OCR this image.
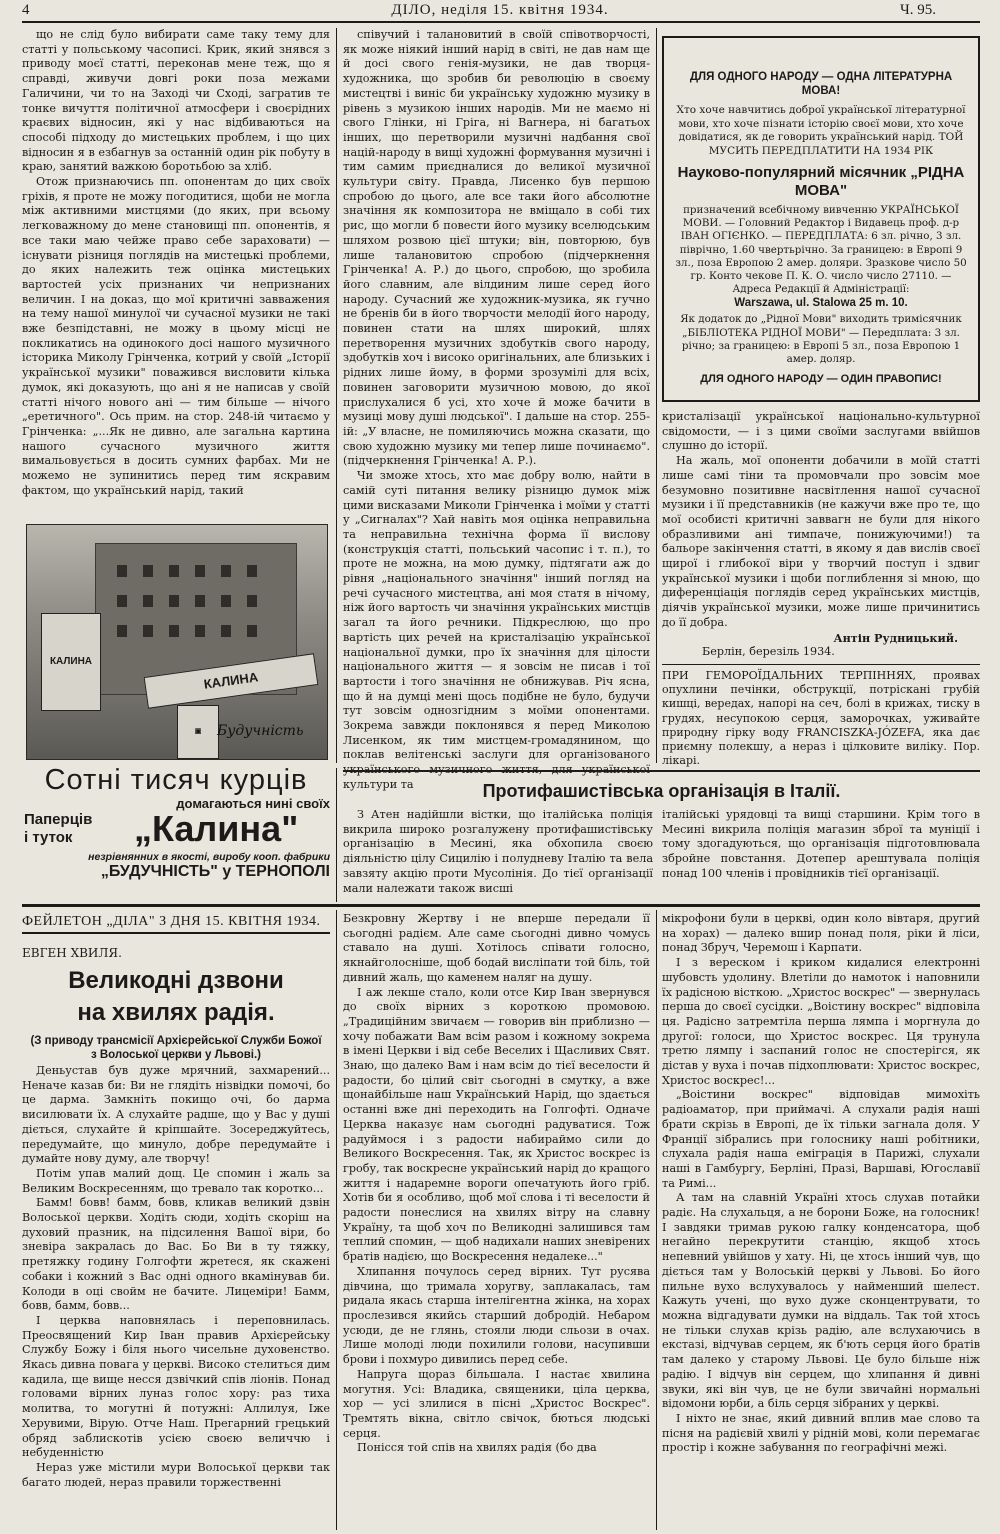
4	ДІЛО, неділя 15. квітня 1934.	Ч. 95.

що не слід було вибирати саме таку тему для статті у польському часописі. Крик, який знявся з приводу моєї статті, переконав мене теж, що я справді, живучи довгі роки поза межами Галичини, чи то на Заході чи Сході, загратив те тонке вичуття політичної атмосфери і своєрідних краєвих відносин, які у нас відбиваються на способі підходу до мистецьких проблем, і що цих відносин я в езбагнув за останній один рік побуту в краю, занятий важкою боротьбою за хліб.

Отож признаючись пп. опонентам до цих своїх гріхів, я проте не можу погодитися, щоби не могла між активними мистцями (до яких, при всьому легковажному до мене становищі пп. опонентів, я все таки маю чейже право себе зараховати) — існувати різниця поглядів на мистецькі проблеми, до яких належить теж оцінка мистецьких вартостей усіх признаних чи непризнаних величин. І на доказ, що мої критичні завважения на тему нашої минулої чи сучасної музики не такі вже безпідставні, не можу в цьому місці не покликатись на одинокого досі нашого музичного історика Миколу Грінченка, котрий у своїй „Історії української музики" поважився висловити кілька думок, які доказують, що ані я не написав у своїй статті нічого нового ані — тим більше — нічого „еретичного". Ось прим. на стор. 248-ій читаємо у Грінченка: „...Як не дивно, але загальна картина нашого сучасного музичного життя вимальовується в досить сумних фарбах. Ми не можемо не зупинитись перед тим яскравим фактом, що український нарід, такий

співучий і талановитий в своїй співотворчості, як може ніякий інший нарід в світі, не дав нам ще й досі свого генія-музики, не дав творця-художника, що зробив би революцію в своєму мистецтві і виніс би українську художню музику в рівень з музикою інших народів. Ми не маємо ні свого Глінки, ні Гріга, ні Вагнера, ні багатьох інших, що перетворили музичні надбання свої націй-народу в вищі художні формування музичні і тим самим приєдналися до великої музичної культури світу. Правда, Лисенко був першою спробою до цього, але все таки його абсолютне значіння як композитора не вміщало в собі тих рис, що могли б повести його музику вселюдським шляхом розвою цієї штуки; він, повторюю, був лише талановитою спробою (підчеркнення Грінченка! А. Р.) до цього, спробою, що зробила його славним, але вілдиним лише серед його народу. Сучасний же художник-музика, як гучно не бренів би в його творчости мелодії його народу, повинен стати на шлях широкий, шлях перетворення музичних здобутків свого народу, здобутків хоч і високо оригінальних, але близьких і рідних лише йому, в форми зрозумілі для всіх, повинен заговорити музичною мовою, до якої прислухалися б усі, хто хоче й може бачити в музиці мову душі людської". І дальше на стор. 255-ій: „У власне, не помиляючись можна сказати, що свою художню музику ми тепер лише починаємо". (підчеркнення Грінченка! А. Р.).

Чи зможе хтось, хто має добру волю, найти в самій суті питання велику різницю думок між цими висказами Миколи Грінченка і моїми у статті у „Сигналах"? Хай навіть моя оцінка неправильна та неправильна технічна форма її вислову (конструкція статті, польський часопис і т. п.), то проте не можна, на мою думку, підтягати аж до рівня „національного значіння" інший погляд на речі сучасного мистецтва, ані моя статя в нічому, ніж його вартость чи значіння українських мистців загал та його речники. Підкреслюю, що про вартість цих речей на кристалізацію української національної думки, про їх значіння для цілости національного життя — я зовсім не писав і тої вартости і того значіння не обнижував. Річ ясна, що й на думці мені щось подібне не було, будучи тут зовсім однозгідним з моїми опонентами. Зокрема завжди поклонявся я перед Миколою Лисенком, як тим мистцем-громадянином, що поклав велітенські заслуги для організованого культури та

ДЛЯ ОДНОГО НАРОДУ — ОДНА ЛІТЕРАТУРНА МОВА!
Хто хоче навчитись доброї української літературної мови, хто хоче пізнати історію своєї мови, хто хоче довідатися, як де говорить український нарід. ТОЙ МУСИТЬ ПЕРЕДПЛАТИТИ НА 1934 РІК
Науково-популярний місячник „РІДНА МОВА"
призначений всебічному вивченню УКРАЇНСЬКОЇ МОВИ. — Головний Редактор і Видавець проф. д-р ІВАН ОГІЄНКО. — ПЕРЕДПЛАТА: 6 зл. річно, 3 зл. піврічно, 1.60 чвертьрічно. За границею: в Европі 9 зл., поза Европою 2 амер. доляри. Зразкове число 50 гр. Конто чекове П. К. О. число число 27110. — Адреса Редакції й Адміністрації:
Warszawa, ul. Stalowa 25 m. 10.
Як додаток до „Рідної Мови" виходить тримісячник „БІБЛІОТЕКА РІДНОЇ МОВИ" — Передплата: 3 зл. річно; за границею: в Европі 5 зл., поза Европою 1 амер. доляр.
ДЛЯ ОДНОГО НАРОДУ — ОДИН ПРАВОПИС!

кристалізації української національно-культурної свідомости, — і з цими своїми заслугами ввійшов слушно до історії.

На жаль, мої опоненти добачили в моїй статті лише самі тіни та промовчали про зовсім мое безумовно позитивне насвітлення нашої сучасної музики і її представників (не кажучи вже про те, що мої особисті критичні заввагн не були для нікого образливими ані тимпаче, понижуючими!) та бальоре закінчення статті, в якому я дав вислів своєї щирої і глибокої віри у творчий поступ і здвиг української музики і щоби поглиблення зі мною, що диференціація поглядів серед українських мистців, діячів української музики, може лише причинитись до її добра.

Антін Рудницький.
Берлін, березіль 1934.

ПРИ ГЕМОРОЇДАЛЬНИХ ТЕРПІННЯХ, проявах опухлини печінки, обструкції, потріскані грубій кишці, вередах, напорі на сеч, болі в крижах, тиску в грудях, несупокою серця, заморочках, уживайте природну гірку воду FRANCISZKA-JÓZEFA, яка дає приємну полекшу, а нераз і цілковите виліку. Пор. лікарі.

КАЛИНА
КАЛИНА
▣	Будучність
Сотні тисяч курців
домагаються нині своїх
Паперців
і туток „Калина"
незрівнянних в якості, виробу кооп. фабрики
„БУДУЧНІСТЬ" у ТЕРНОПОЛІ
Протифашистівська організація в Італії.

З Атен надійшли вістки, що італійська поліція викрила широко розгалужену протифашистівську організацію в Месині, яка обхопила своєю діяльністю цілу Сицилію і полудневу Італію та вела завзяту акцію проти Мусолінія. До тієї організації мали належати також висші

італійські урядовці та вищі старшини. Крім того в Месині викрила поліція магазин зброї та муніції і тому здогадуються, що організація підготовлювала збройне повстання. Дотепер арештувала поліція понад 100 членів і провідників тієї організації.

ФЕЙЛЕТОН „ДІЛА" З ДНЯ 15. КВІТНЯ 1934.
ЕВГЕН ХВИЛЯ.
Великодні дзвони
на хвилях радія.
(З приводу трансмісії Архієрейської Служби Божої з Волоської церкви у Львові.)

Деньустав був дуже мрячний, захмарений... Неначе казав би: Ви не глядіть нізвідки помочі, бо це дарма. Замкніть покищо очі, бо дарма висилювати їх. А слухайте радше, що у Вас у душі діється, слухайте й кріпшайте. Зосереджуйтесь, передумайте, що минуло, добре передумайте і думайте нову думу, але творчу!

Потім упав малий дощ. Це спомин і жаль за Великим Воскресенням, що тревало так коротко...

Бамм! бовв! бамм, бовв, кликав великий дзвін Волоської церкви. Ходіть сюди, ходіть скоріш на духовий празник, на підсилення Вашої віри, бо зневіра закралась до Вас. Бо Ви в ту тяжку, претяжку годину Голгофти жретеся, як скажені собаки і кожний з Вас одні одного вкамінував би. Колоди в оці свойм не бачите. Лицеміри! Бамм, бовв, бамм, бовв...

І церква наповнялась і переповнилась. Преосвящений Кир Іван правив Архієрейську Службу Божу і біля нього чисельне духовенство. Якась дивна повага у церкві. Високо стелиться дим кадила, ще вище несся дзвічкий спів ліонів. Понад головами вірних луназ голос хору: раз тиха молитва, то могутні й потужні: Аллилуя, Іже Херувими, Вірую. Отче Наш. Прегарний грецький обряд заблискотів усією своєю величчю і небуденністю

Нераз уже містили мури Волоської церкви так багато людей, нераз правили торжественні

Безкровну Жертву і не вперше передали її сьогодні радієм. Але саме сьогодні дивно чомусь ставало на душі. Хотілось співати голосно, якнайголосніше, щоб бодай висліпати той біль, той дивний жаль, що каменем наляг на душу.

І аж лекше стало, коли отсе Кир Іван звернувся до своїх вірних з короткою промовою. „Традиційним звичаєм — говорив він приблизно — хочу побажати Вам всім разом і кожному зокрема в імені Церкви і від себе Веселих і Щасливих Свят. Знаю, що далеко Вам і нам всім до тієї веселости й радости, бо цілий світ сьогодні в смутку, а вже щонайбільше наш Український Нарід, що здається останні вже дні переходить на Голгофті. Одначе Церква наказує нам сьогодні радуватися. Тож радуймося і з радости набираймо сили до Великого Воскресення. Так, як Христос воскрес із гробу, так воскресне український нарід до кращого життя і надаремне вороги опечатують його гріб. Хотів би я особливо, щоб мої слова і ті веселости й радости понеслися на хвилях вітру на славну Україну, та щоб хоч по Великодні залишився там теплий спомин, — щоб надихали наших зневірених братів надією, що Воскресення недалеке..."

Хлипання почулось серед вірних. Тут русява дівчина, що тримала хоругву, заплакалась, там ридала якась старша інтелігентна жінка, на хорах прослезився якийсь старший добродій. Небаром усюди, де не глянь, стояли люди сльози в очах. Лише молоді люди похилили голови, насупивши брови і похмуро дивились перед себе.

Напруга щораз більшала. І настає хвилина могутня. Усі: Владика, священики, ціла церква, хор — усі злилися в пісні „Христос Воскрес". Тремтять вікна, світло свічок, бються людські серця.

Понісся той спів на хвилях радія (бо два

мікрофони були в церкві, один коло вівтаря, другий на хорах) — далеко вшир понад поля, ріки й ліси, понад Збруч, Черемош і Карпати.

І з вереском і криком кидалися електронні шубовсть удолину. Влетіли до намоток і наповнили їх радісною вісткою. „Христос воскрес" — звернулась перша до своєї сусідки. „Воістину воскрес" відповіла ця. Радісно затремтіла перша лямпа і моргнула до другої: голоси, що Христос воскрес. Ця трунула третю лямпу і заспаний голос не спостерігся, як дістав у вуха і почав підхоплювати: Христос воскрес, Христос воскрес!...

„Воістини воскрес" відповідав мимохіть радіоаматор, при приймачі. А слухали радія наші брати скрізь в Европі, де їх тільки загнала доля. У Франції зібрались при голоснику наші робітники, слухала радія наша еміграція в Парижі, слухали наші в Гамбургу, Берліні, Празі, Варшаві, Югославії та Римі...

А там на славній Україні хтось слухав потайки радіє. На слухальця, а не борони Боже, на голосник! І завдяки тримав рукою галку конденсатора, щоб негайно перекрутити станцію, якщоб хтось непевний увійшов у хату. Ні, це хтось інший чув, що діється там у Волоській церкві у Львові. Бо його пильне вухо вслухувалось у найменший шелест. Кажуть учені, що вухо дуже сконцентрувати, то можна відгадувати думки на віддаль. Так той хтось не тільки слухав крізь радію, але вслухаючись в екстазі, відчував серцем, як б'ють серця його братів там далеко у старому Львові. Це було більше ніж радію. І відчув він серцем, що хлипання й дивні звуки, які він чув, це не були звичайні нормальні відомони юрби, а біль серця зібраних у церкві.

І ніхто не знає, який дивний вплив мае слово та пісня на радієвій хвилі у рідній мові, коли перемагає простір і кожне забування по географічні межі.
